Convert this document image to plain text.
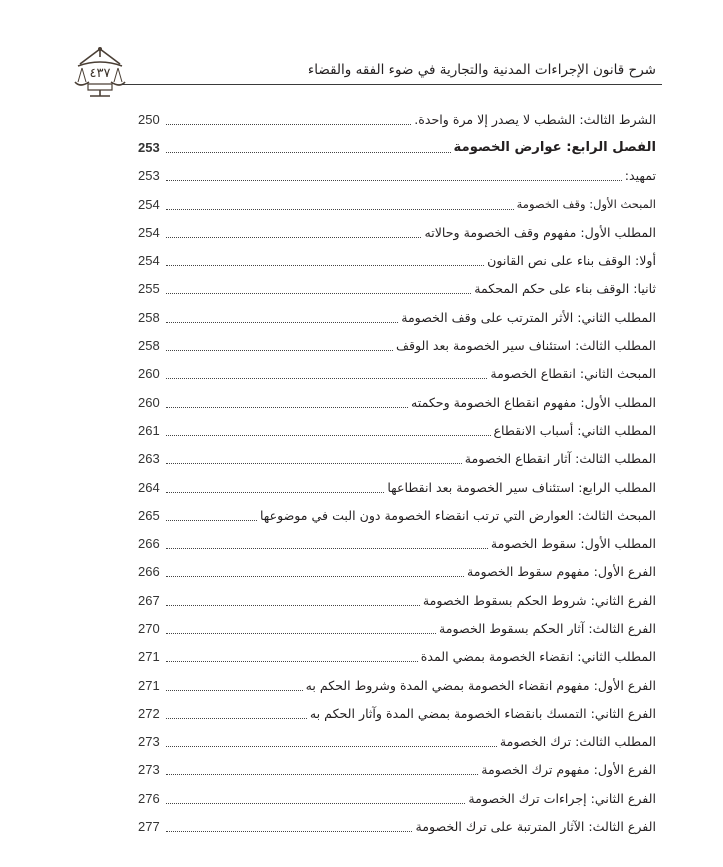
٤٣٧	شرح قانون الإجراءات المدنية والتجارية في ضوء الفقه والقضاء
250	الشرط الثالث: الشطب لا يصدر إلا مرة واحدة.
253	الفصل الرابع: عوارض الخصومة
253	تمهيد:
254	المبحث الأول: وقف الخصومة
254	المطلب الأول: مفهوم وقف الخصومة وحالاته
254	أولا: الوقف بناء على نص القانون
255	ثانيا: الوقف بناء على حكم المحكمة
258	المطلب الثاني: الأثر المترتب على وقف الخصومة
258	المطلب الثالث: استئناف سير الخصومة بعد الوقف
260	المبحث الثاني: انقطاع الخصومة
260	المطلب الأول: مفهوم انقطاع الخصومة وحكمته
261	المطلب الثاني: أسباب الانقطاع
263	المطلب الثالث: آثار انقطاع الخصومة
264	المطلب الرابع: استئناف سير الخصومة بعد انقطاعها
265	المبحث الثالث: العوارض التي ترتب انقضاء الخصومة دون البت في موضوعها
266	المطلب الأول: سقوط الخصومة
266	الفرع الأول: مفهوم سقوط الخصومة
267	الفرع الثاني: شروط الحكم بسقوط الخصومة
270	الفرع الثالث: آثار الحكم بسقوط الخصومة
271	المطلب الثاني: انقضاء الخصومة بمضي المدة
271	الفرع الأول: مفهوم انقضاء الخصومة بمضي المدة وشروط الحكم به
272	الفرع الثاني: التمسك بانقضاء الخصومة بمضي المدة وآثار الحكم به
273	المطلب الثالث: ترك الخصومة
273	الفرع الأول: مفهوم ترك الخصومة
276	الفرع الثاني: إجراءات ترك الخصومة
277	الفرع الثالث: الآثار المترتبة على ترك الخصومة
